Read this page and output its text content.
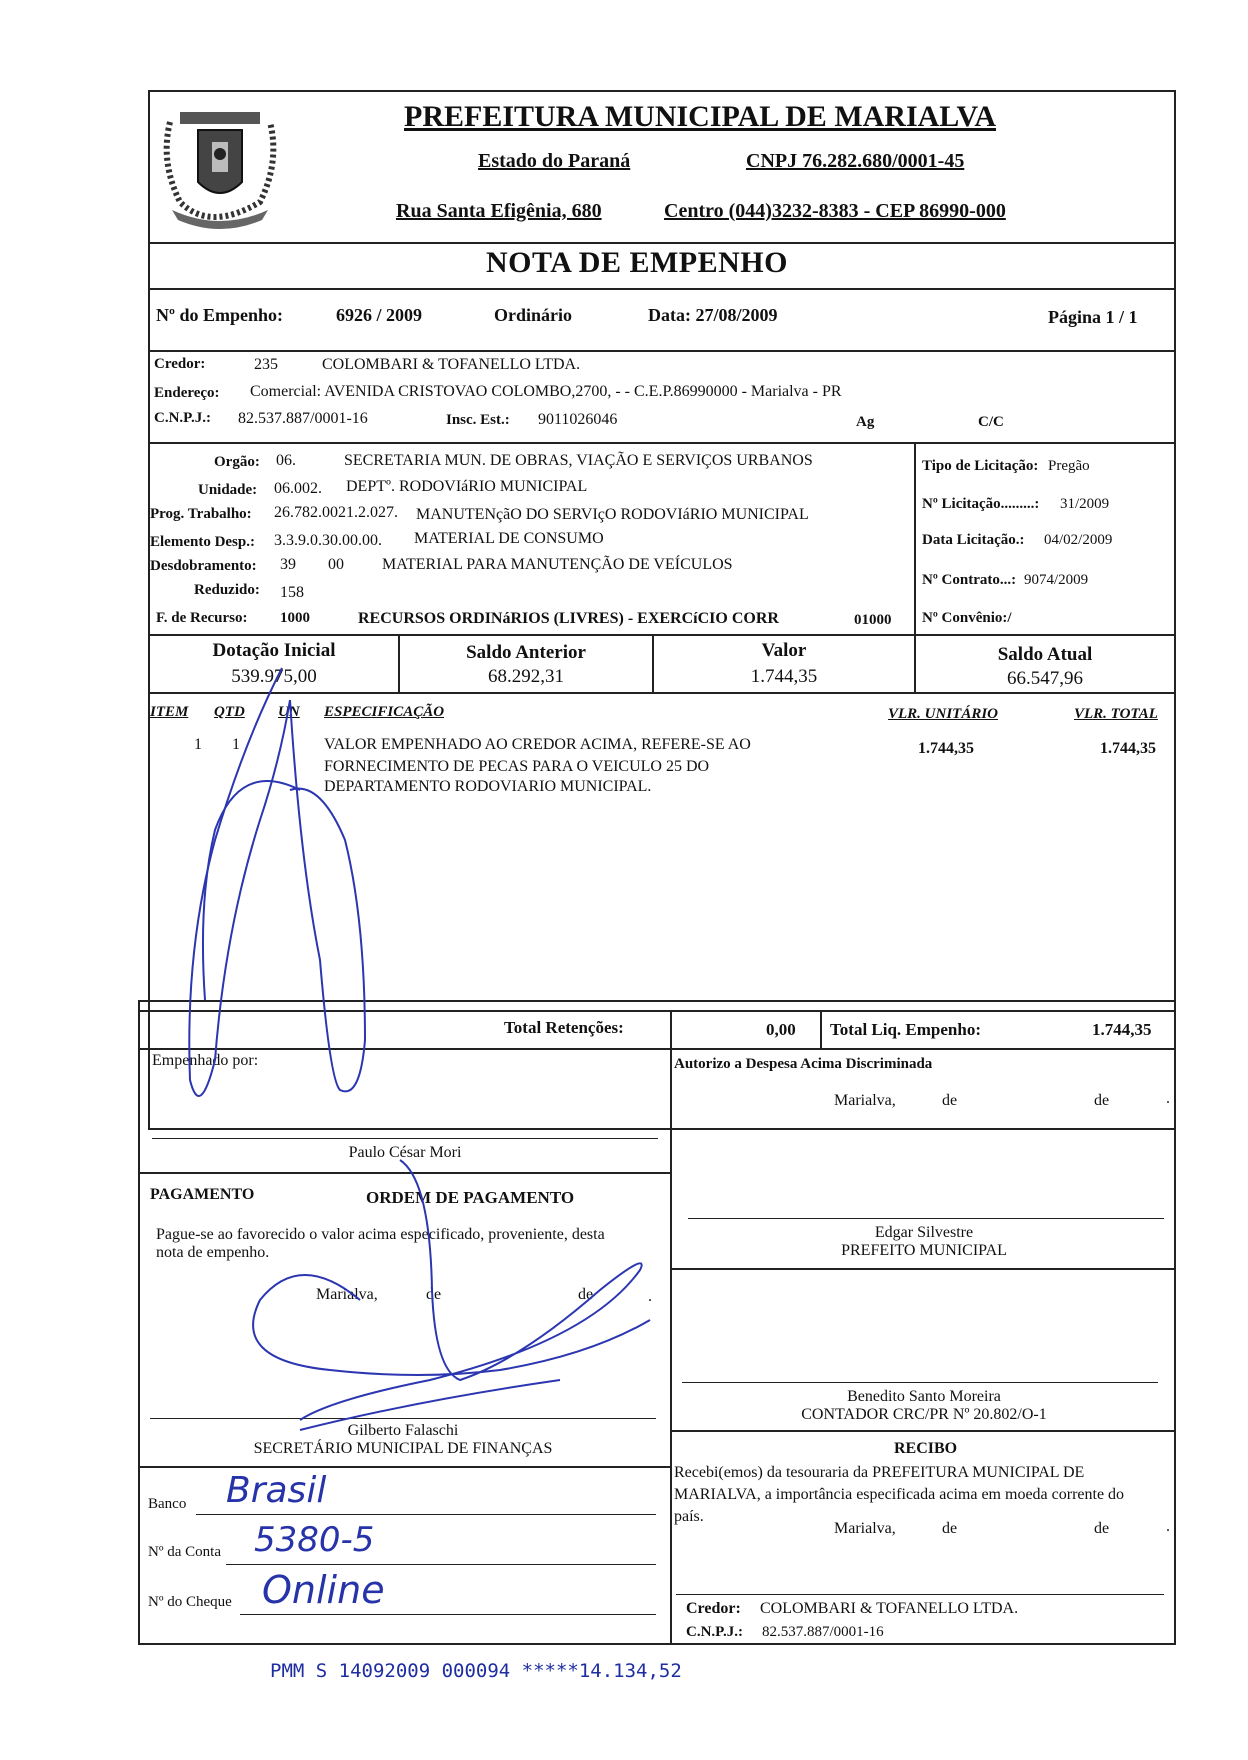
PREFEITURA MUNICIPAL DE MARIALVA
Estado do Paraná	CNPJ 76.282.680/0001-45
Rua Santa Efigênia, 680	Centro (044)3232-8383 - CEP 86990-000
NOTA DE EMPENHO
Nº do Empenho:	6926 / 2009	Ordinário	Data: 27/08/2009	Página 1 / 1
Credor:	235	COLOMBARI & TOFANELLO LTDA.
Endereço: Comercial: AVENIDA CRISTOVAO COLOMBO,2700, - - C.E.P.86990000 - Marialva - PR
C.N.P.J.: 82.537.887/0001-16	Insc. Est.: 9011026046	Ag	C/C
Orgão: 06.	SECRETARIA MUN. DE OBRAS, VIAÇÃO E SERVIÇOS URBANOS
Unidade: 06.002. DEPTº. RODOVIáRIO MUNICIPAL
Prog. Trabalho: 26.782.0021.2.027. MANUTENçãO DO SERVIçO RODOVIáRIO MUNICIPAL
Elemento Desp.: 3.3.9.0.30.00.00. MATERIAL DE CONSUMO
Desdobramento: 39 00 MATERIAL PARA MANUTENÇÃO DE VEÍCULOS
Reduzido: 158
F. de Recurso: 1000	RECURSOS ORDINáRIOS (LIVRES) - EXERCíCIO CORR	01000
Tipo de Licitação: Pregão
Nº Licitação.........: 31/2009
Data Licitação.: 04/02/2009
Nº Contrato...: 9074/2009
Nº Convênio:/
Dotação Inicial
539.975,00
Saldo Anterior
68.292,31
Valor
1.744,35
Saldo Atual
66.547,96
ITEM QTD UN ESPECIFICAÇÃO	VLR. UNITÁRIO	VLR. TOTAL
1 1	VALOR EMPENHADO AO CREDOR ACIMA, REFERE-SE AO
FORNECIMENTO DE PECAS PARA O VEICULO 25 DO
DEPARTAMENTO RODOVIARIO MUNICIPAL.
1.744,35	1.744,35
Total Retenções:	0,00 Total Liq. Empenho:	1.744,35
Empenhado por:
Paulo César Mori
Autorizo a Despesa Acima Discriminada
Marialva,	de	de	.
Edgar Silvestre
PREFEITO MUNICIPAL
Benedito Santo Moreira
CONTADOR CRC/PR Nº 20.802/O-1
PAGAMENTO	ORDEM DE PAGAMENTO
Pague-se ao favorecido o valor acima especificado, proveniente, desta
nota de empenho.
Marialva,	de	de	.
Gilberto Falaschi
SECRETÁRIO MUNICIPAL DE FINANÇAS
Banco Brasil
Nº da Conta 5380-5
Nº do Cheque Online
RECIBO
Recebi(emos) da tesouraria da PREFEITURA MUNICIPAL DE
MARIALVA, a importância especificada acima em moeda corrente do
país.
Marialva,	de	de	.
Credor: COLOMBARI & TOFANELLO LTDA.
C.N.P.J.: 82.537.887/0001-16
PMM S 14092009 000094 *****14.134,52
